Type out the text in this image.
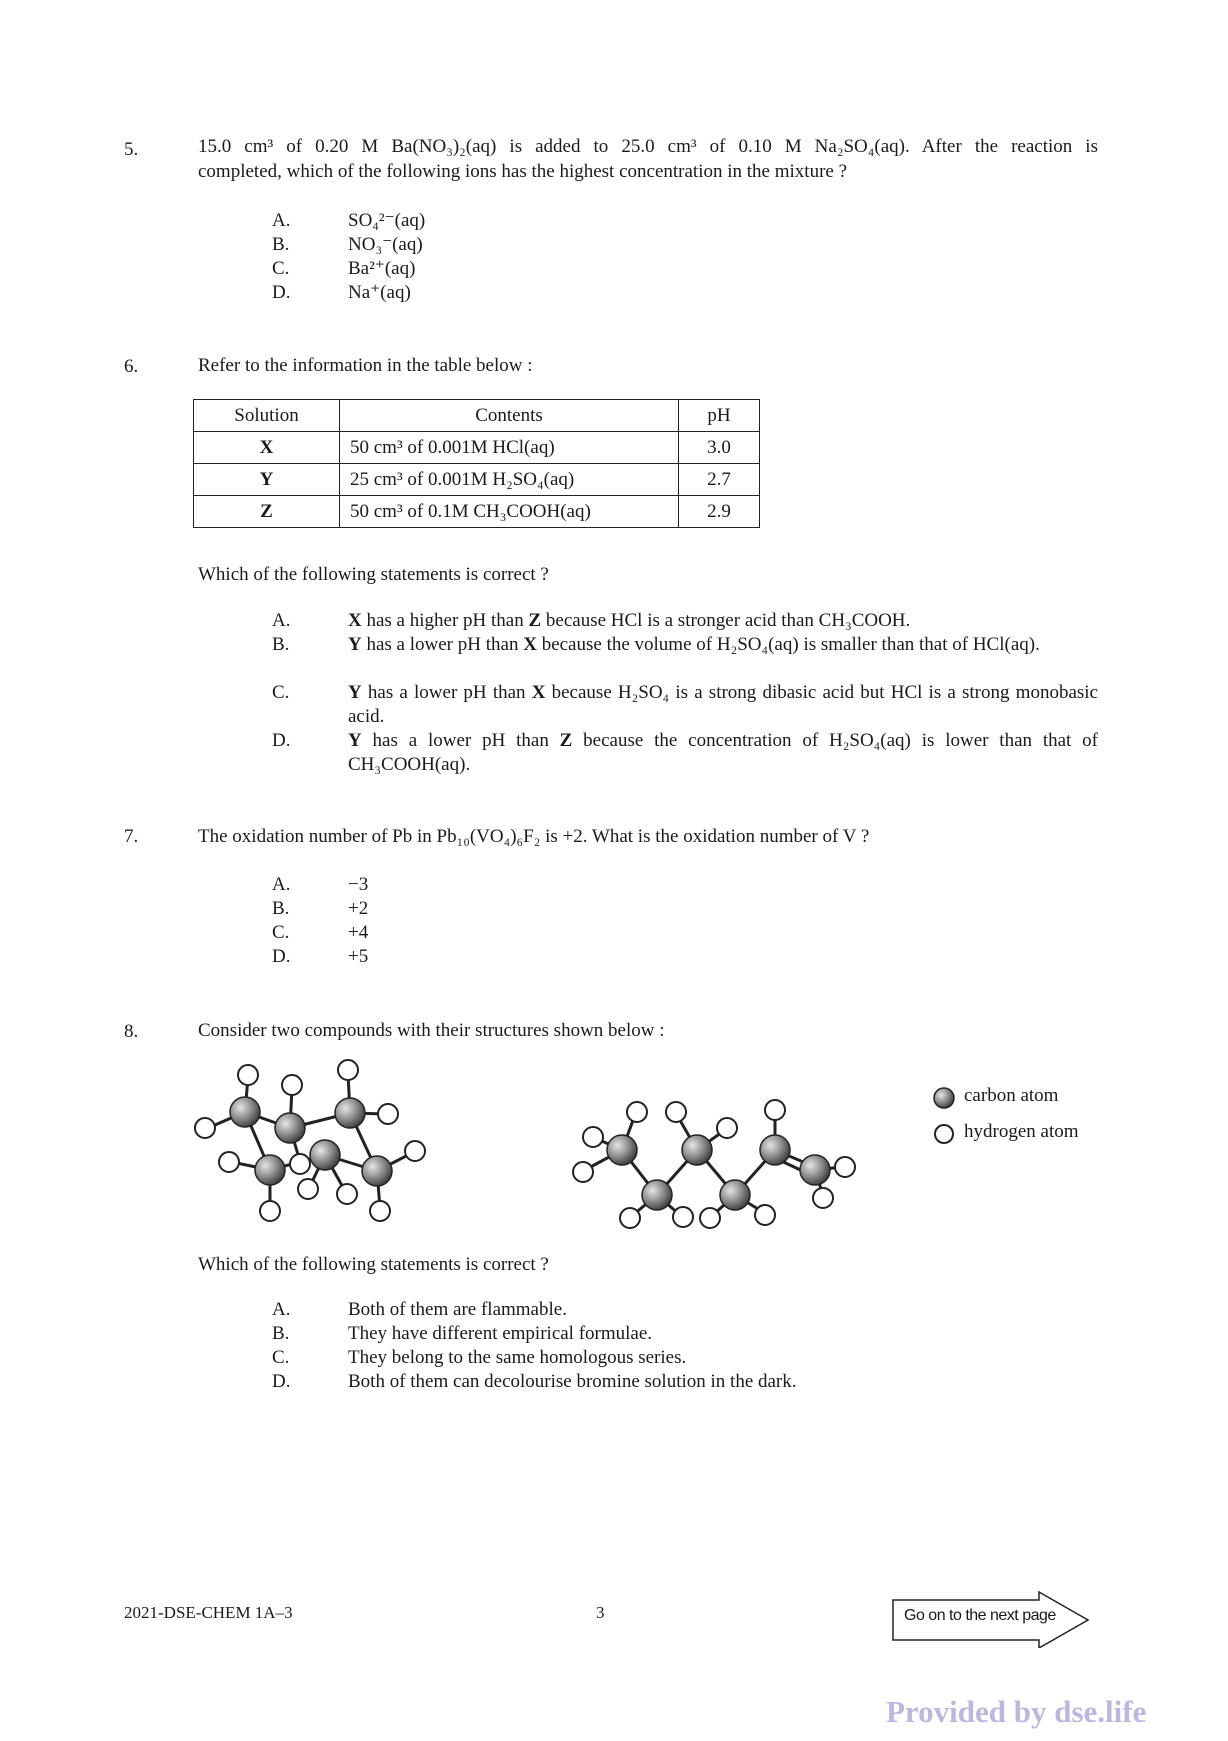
5.	15.0 cm³ of 0.20 M Ba(NO₃)₂(aq) is added to 25.0 cm³ of 0.10 M Na₂SO₄(aq). After the reaction is
completed, which of the following ions has the highest concentration in the mixture ?
A.	SO₄²⁻(aq)
B.	NO₃⁻(aq)
C.	Ba²⁺(aq)
D.	Na⁺(aq)
6.	Refer to the information in the table below :
Solution	Contents	pH
X	50 cm³ of 0.001M HCl(aq)	3.0
Y	25 cm³ of 0.001M H₂SO₄(aq)	2.7
Z	50 cm³ of 0.1M CH₃COOH(aq)	2.9
Which of the following statements is correct ?
A.	X has a higher pH than Z because HCl is a stronger acid than CH₃COOH.
B.	Y has a lower pH than X because the volume of H₂SO₄(aq) is smaller than that of HCl(aq).
C.	Y has a lower pH than X because H₂SO₄ is a strong dibasic acid but HCl is a strong monobasic acid.
D.	Y has a lower pH than Z because the concentration of H₂SO₄(aq) is lower than that of CH₃COOH(aq).
7.	The oxidation number of Pb in Pb₁₀(VO₄)₆F₂ is +2. What is the oxidation number of V ?
A.	−3
B.	+2
C.	+4
D.	+5
8.	Consider two compounds with their structures shown below :
carbon atom
hydrogen atom
Which of the following statements is correct ?
A.	Both of them are flammable.
B.	They have different empirical formulae.
C.	They belong to the same homologous series.
D.	Both of them can decolourise bromine solution in the dark.
2021-DSE-CHEM 1A–3	3	Go on to the next page
Provided by dse.life
